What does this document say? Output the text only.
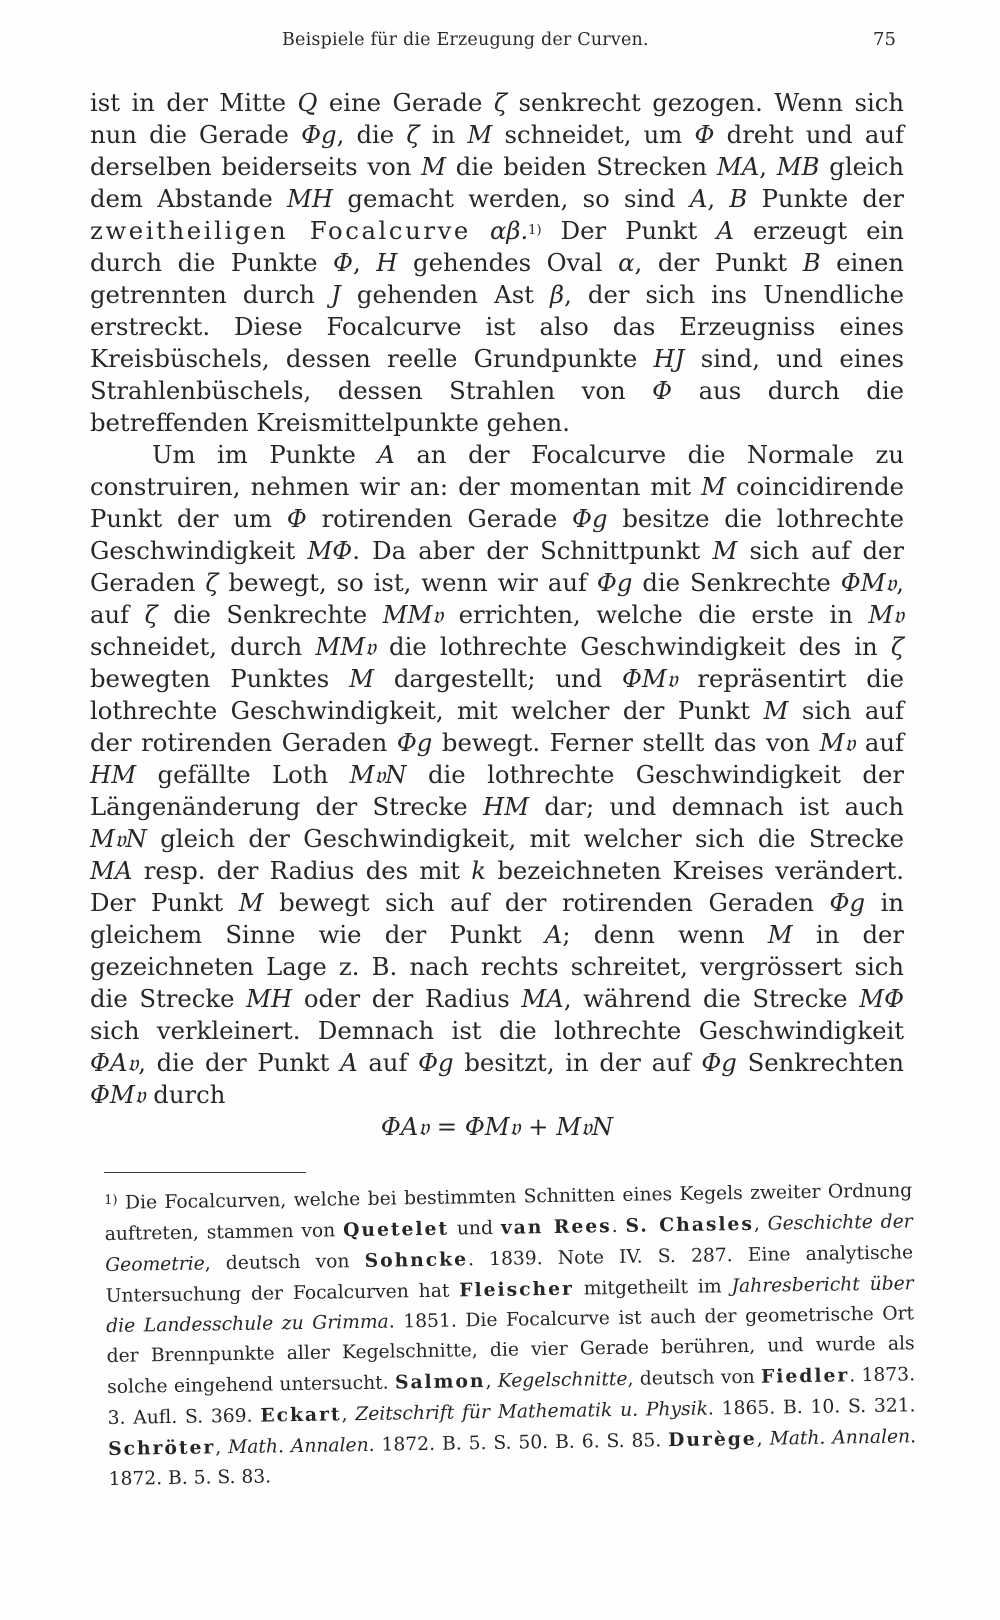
Beispiele für die Erzeugung der Curven.	75

ist in der Mitte Q eine Gerade ζ senkrecht gezogen. Wenn sich nun die Gerade Φg, die ζ in M schneidet, um Φ dreht und auf derselben beiderseits von M die beiden Strecken MA, MB gleich dem Abstande MH gemacht werden, so sind A, B Punkte der zweitheiligen Focalcurve αβ.$^{1)}$ Der Punkt A erzeugt ein durch die Punkte Φ, H gehendes Oval α, der Punkt B einen getrennten durch J gehenden Ast β, der sich ins Unendliche erstreckt. Diese Focalcurve ist also das Erzeugniss eines Kreisbüschels, dessen reelle Grundpunkte HJ sind, und eines Strahlenbüschels, dessen Strahlen von Φ aus durch die betreffenden Kreismittelpunkte gehen.

Um im Punkte A an der Focalcurve die Normale zu construiren, nehmen wir an: der momentan mit M coincidirende Punkt der um Φ rotirenden Gerade Φg besitze die lothrechte Geschwindigkeit MΦ. Da aber der Schnittpunkt M sich auf der Geraden ζ bewegt, so ist, wenn wir auf Φg die Senkrechte ΦM𝔳, auf ζ die Senkrechte MM𝔳 errichten, welche die erste in M𝔳 schneidet, durch MM𝔳 die lothrechte Geschwindigkeit des in ζ bewegten Punktes M dargestellt; und ΦM𝔳 repräsentirt die lothrechte Geschwindigkeit, mit welcher der Punkt M sich auf der rotirenden Geraden Φg bewegt. Ferner stellt das von M𝔳 auf HM gefällte Loth M𝔳N die lothrechte Geschwindigkeit der Längenänderung der Strecke HM dar; und demnach ist auch M𝔳N gleich der Geschwindigkeit, mit welcher sich die Strecke MA resp. der Radius des mit k bezeichneten Kreises verändert. Der Punkt M bewegt sich auf der rotirenden Geraden Φg in gleichem Sinne wie der Punkt A; denn wenn M in der gezeichneten Lage z. B. nach rechts schreitet, vergrössert sich die Strecke MH oder der Radius MA, während die Strecke MΦ sich verkleinert. Demnach ist die lothrechte Geschwindigkeit ΦA𝔳, die der Punkt A auf Φg besitzt, in der auf Φg Senkrechten ΦM𝔳 durch

ΦA𝔳 = ΦM𝔳 + M𝔳N

$^{1)}$ Die Focalcurven, welche bei bestimmten Schnitten eines Kegels zweiter Ordnung auftreten, stammen von Quetelet und van Rees. S. Chasles, Geschichte der Geometrie, deutsch von Sohncke. 1839. Note IV. S. 287. Eine analytische Untersuchung der Focalcurven hat Fleischer mitgetheilt im Jahresbericht über die Landesschule zu Grimma. 1851. Die Focalcurve ist auch der geometrische Ort der Brennpunkte aller Kegelschnitte, die vier Gerade berühren, und wurde als solche eingehend untersucht. Salmon, Kegelschnitte, deutsch von Fiedler. 1873. 3. Aufl. S. 369. Eckart, Zeitschrift für Mathematik u. Physik. 1865. B. 10. S. 321. Schröter, Math. Annalen. 1872. B. 5. S. 50. B. 6. S. 85. Durège, Math. Annalen. 1872. B. 5. S. 83.
